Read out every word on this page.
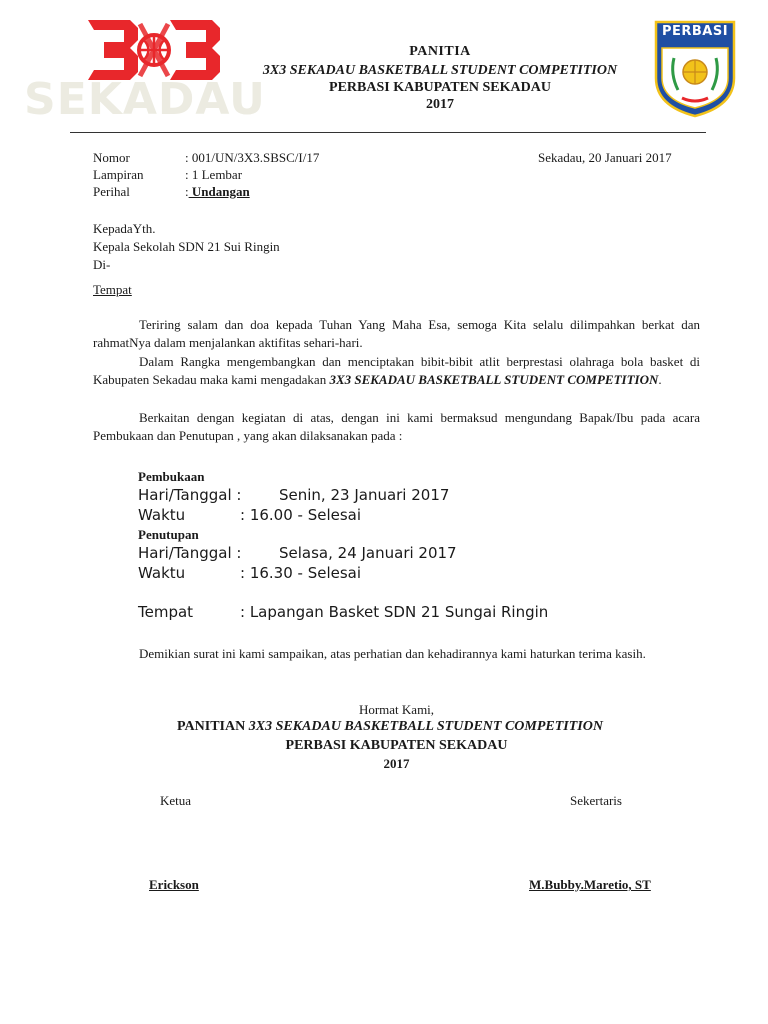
SEKADAU
PANITIA
3X3 SEKADAU BASKETBALL STUDENT COMPETITION
PERBASI KABUPATEN SEKADAU
2017
PERBASI
Nomor	: 001/UN/3X3.SBSC/I/17	Sekadau, 20 Januari 2017
Lampiran	: 1 Lembar
Perihal	: Undangan
KepadaYth.
Kepala Sekolah SDN 21 Sui Ringin
Di-
Tempat
Teriring salam dan doa kepada Tuhan Yang Maha Esa, semoga Kita selalu dilimpahkan berkat dan rahmatNya dalam menjalankan aktifitas sehari-hari.
Dalam Rangka mengembangkan dan menciptakan bibit-bibit atlit berprestasi olahraga bola basket di Kabupaten Sekadau maka kami mengadakan 3X3 SEKADAU BASKETBALL STUDENT COMPETITION.
Berkaitan dengan kegiatan di atas, dengan ini kami bermaksud mengundang Bapak/Ibu pada acara Pembukaan dan Penutupan , yang akan dilaksanakan pada :
Pembukaan
Hari/Tanggal :	Senin, 23 Januari 2017
Waktu	: 16.00 - Selesai
Penutupan
Hari/Tanggal :	Selasa, 24 Januari 2017
Waktu	: 16.30 - Selesai
Tempat	: Lapangan Basket SDN 21 Sungai Ringin
Demikian surat ini kami sampaikan, atas perhatian dan kehadirannya kami haturkan terima kasih.
Hormat Kami,
PANITIAN 3X3 SEKADAU BASKETBALL STUDENT COMPETITION
PERBASI KABUPATEN SEKADAU
2017
Ketua	Sekertaris
Erickson	M.Bubby.Maretio, ST
